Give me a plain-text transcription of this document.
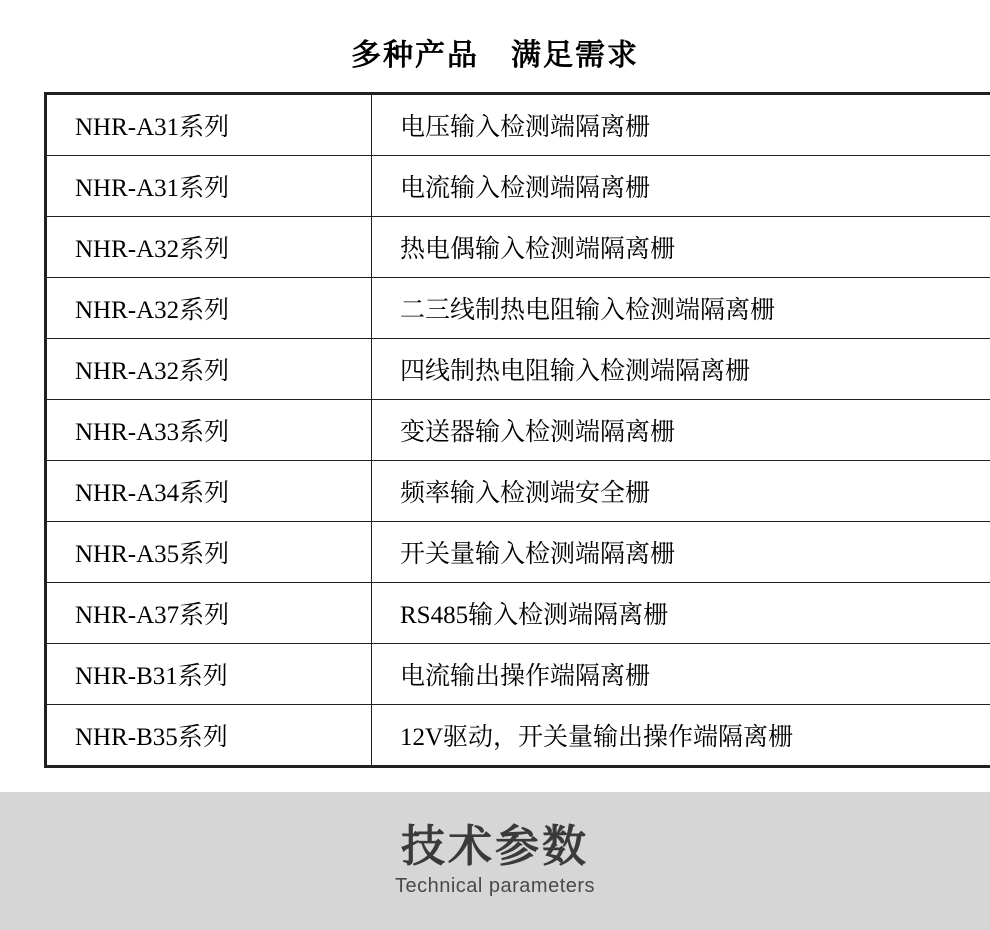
多种产品　满足需求
NHR-A31系列	电压输入检测端隔离栅
NHR-A31系列	电流输入检测端隔离栅
NHR-A32系列	热电偶输入检测端隔离栅
NHR-A32系列	二三线制热电阻输入检测端隔离栅
NHR-A32系列	四线制热电阻输入检测端隔离栅
NHR-A33系列	变送器输入检测端隔离栅
NHR-A34系列	频率输入检测端安全栅
NHR-A35系列	开关量输入检测端隔离栅
NHR-A37系列	RS485输入检测端隔离栅
NHR-B31系列	电流输出操作端隔离栅
NHR-B35系列	12V驱动，开关量输出操作端隔离栅
技术参数
Technical parameters
